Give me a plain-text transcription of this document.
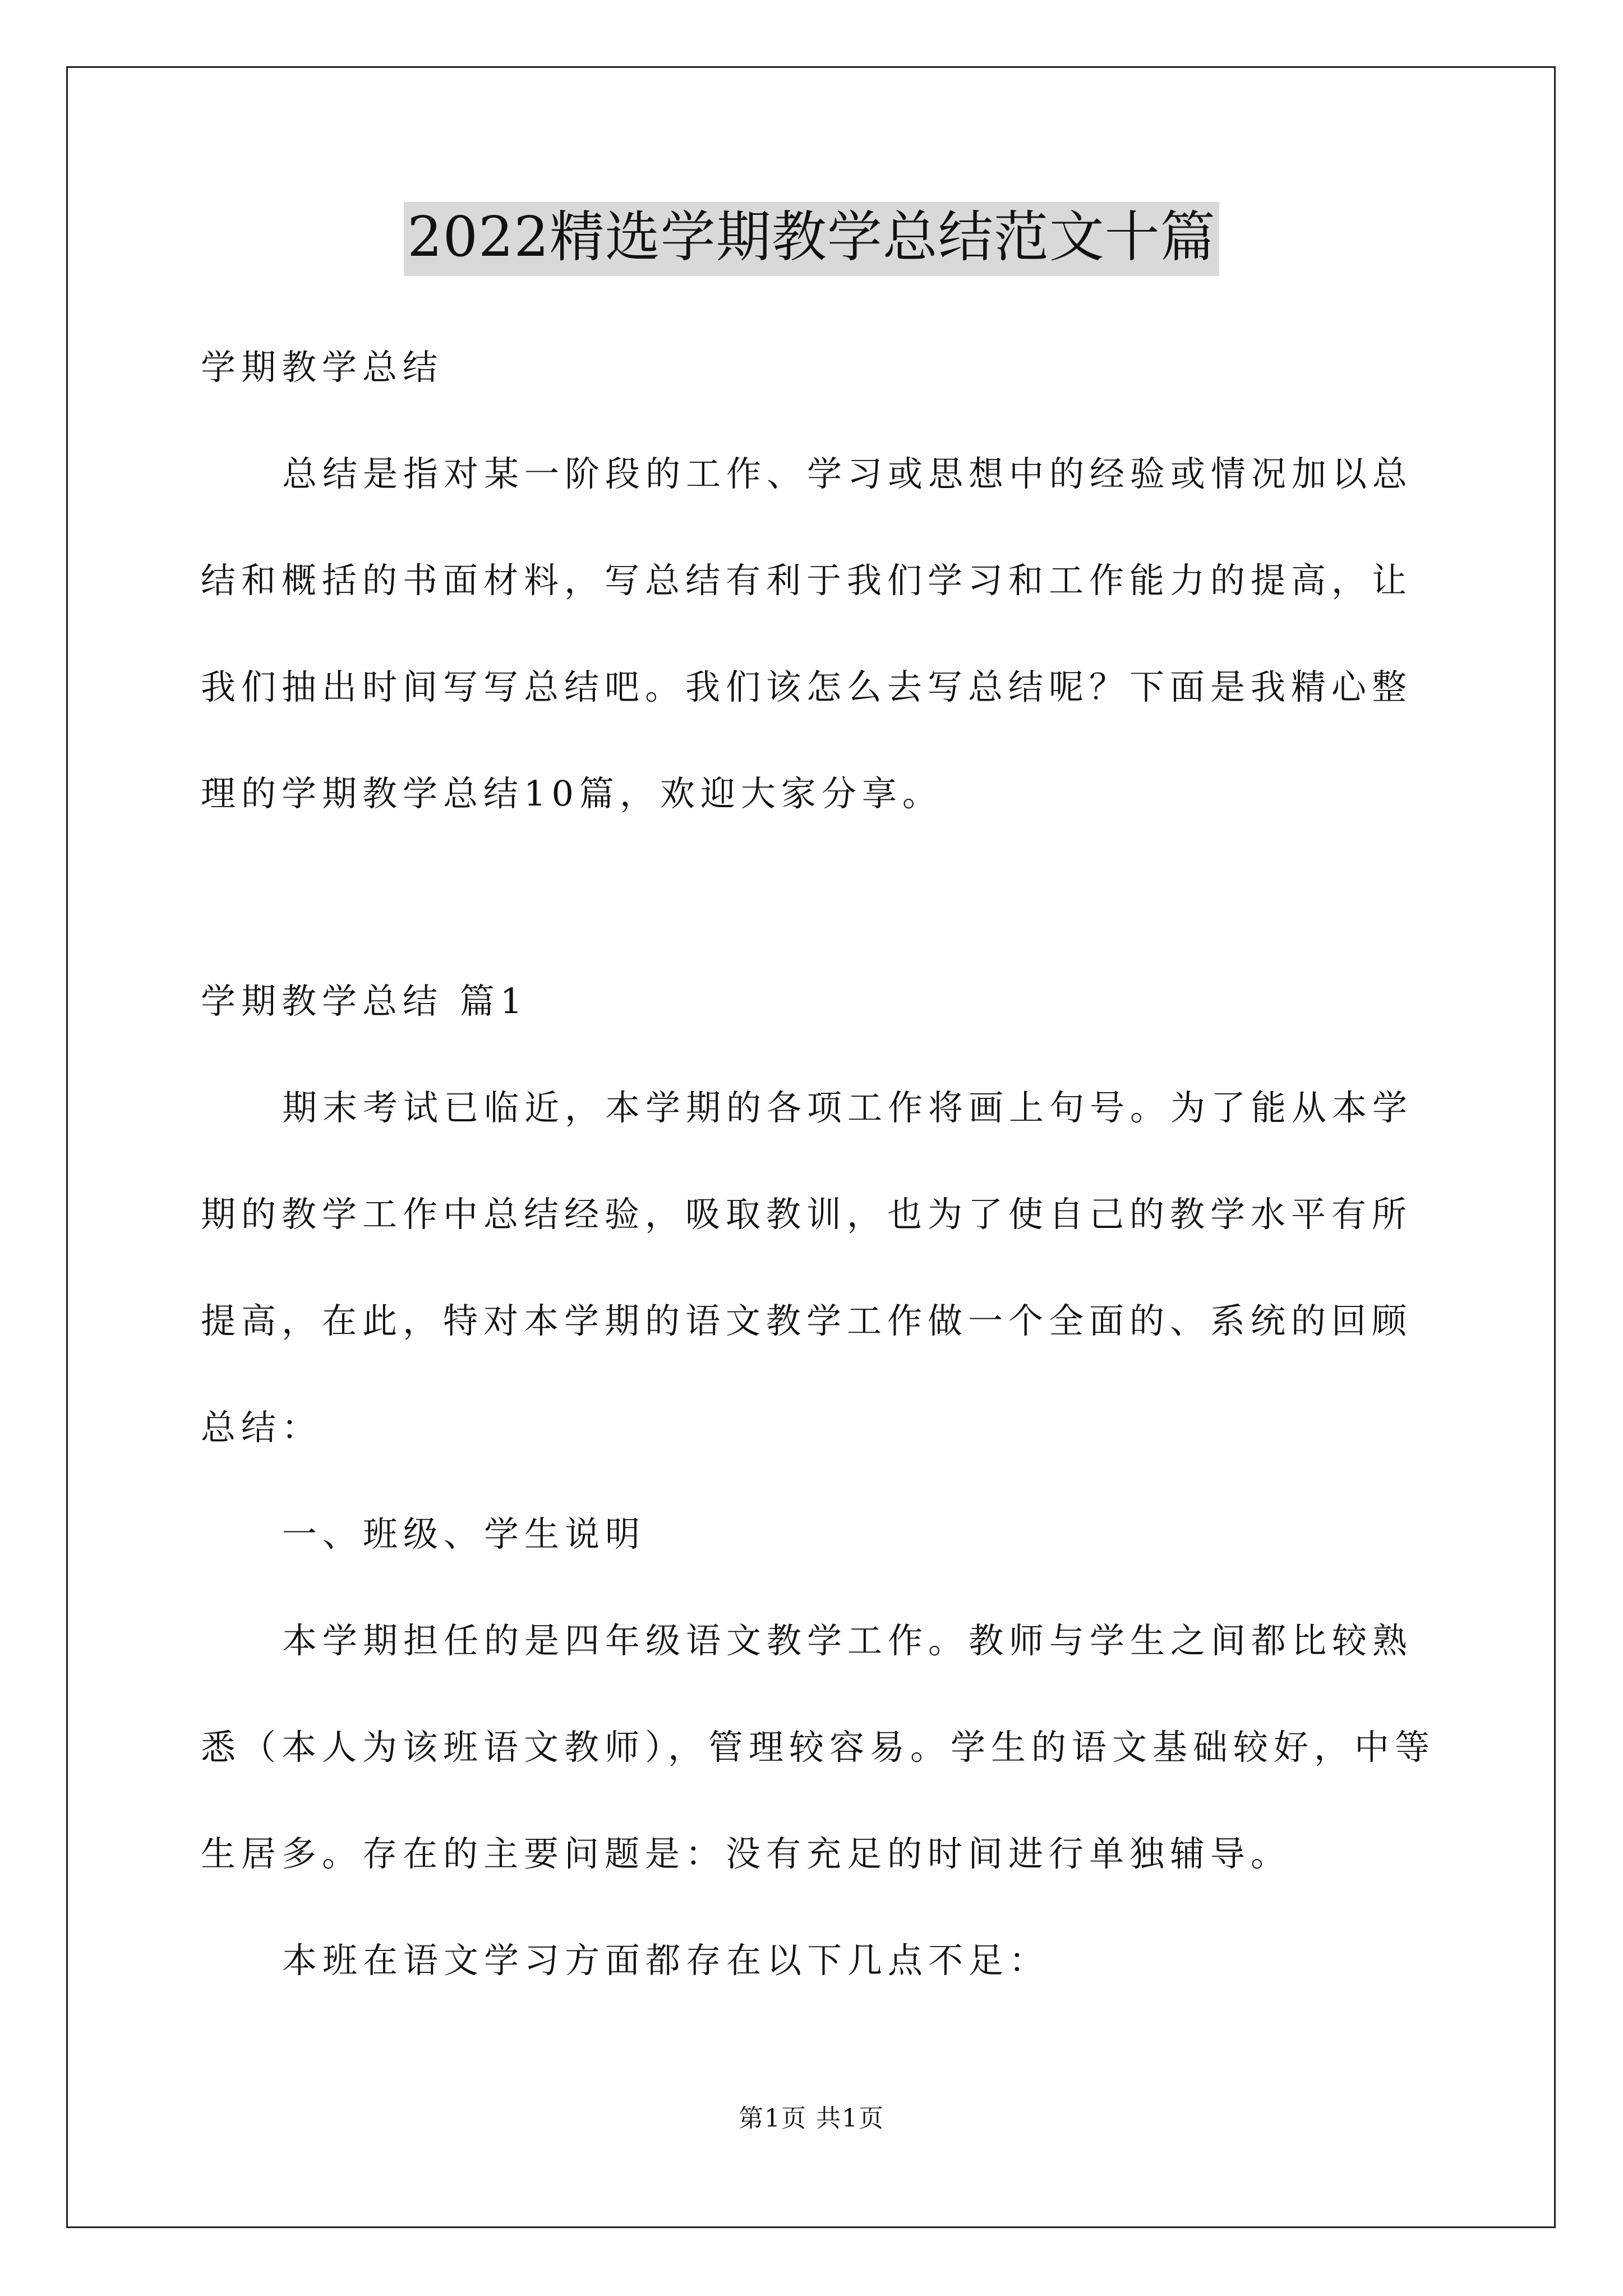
2022精选学期教学总结范文十篇
学期教学总结
总结是指对某一阶段的工作、学习或思想中的经验或情况加以总
结和概括的书面材料，写总结有利于我们学习和工作能力的提高，让
我们抽出时间写写总结吧。我们该怎么去写总结呢？下面是我精心整
理的学期教学总结10篇，欢迎大家分享。
学期教学总结 篇1
期末考试已临近，本学期的各项工作将画上句号。为了能从本学
期的教学工作中总结经验，吸取教训，也为了使自己的教学水平有所
提高，在此，特对本学期的语文教学工作做一个全面的、系统的回顾
总结：
一、班级、学生说明
本学期担任的是四年级语文教学工作。教师与学生之间都比较熟
悉（本人为该班语文教师），管理较容易。学生的语文基础较好，中等
生居多。存在的主要问题是：没有充足的时间进行单独辅导。
本班在语文学习方面都存在以下几点不足：
第1页 共1页
